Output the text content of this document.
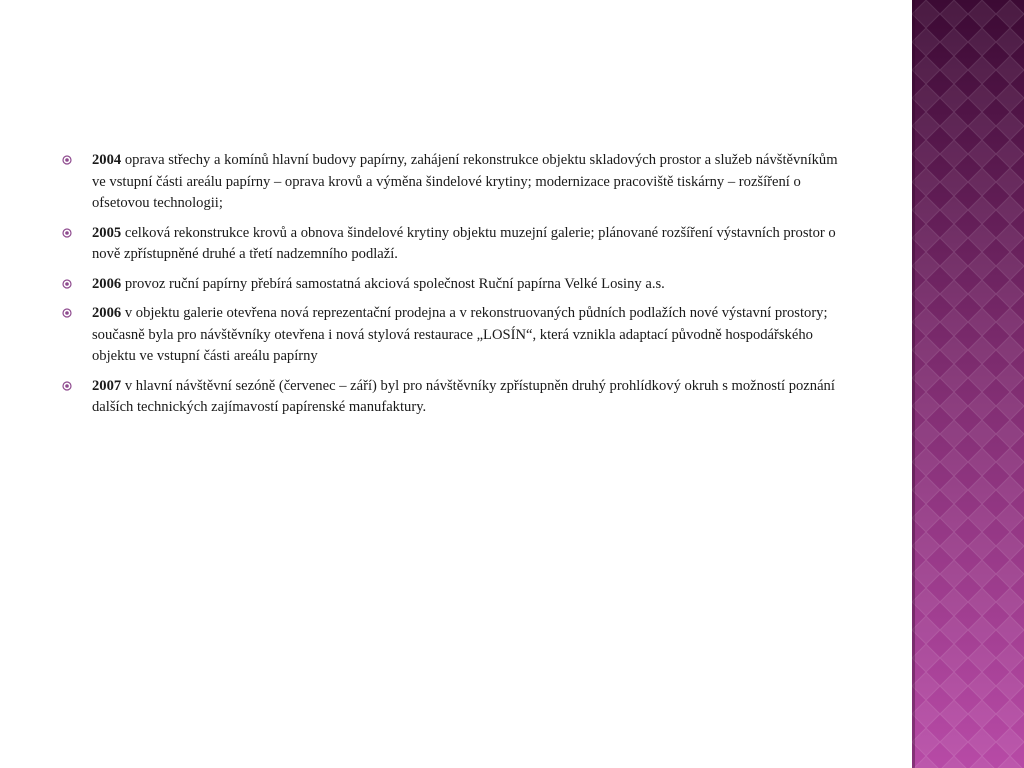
2004 oprava střechy a komínů hlavní budovy papírny, zahájení rekonstrukce objektu skladových prostor a služeb návštěvníkům ve vstupní části areálu papírny – oprava krovů a výměna šindelové krytiny; modernizace pracoviště tiskárny – rozšíření o ofsetovou technologii;
2005 celková rekonstrukce krovů a obnova šindelové krytiny objektu muzejní galerie; plánované rozšíření výstavních prostor o nově zpřístupněné druhé a třetí nadzemního podlaží.
2006 provoz ruční papírny přebírá samostatná akciová společnost Ruční papírna Velké Losiny a.s.
2006 v objektu galerie otevřena nová reprezentační prodejna a v rekonstruovaných půdních podlažích nové výstavní prostory; současně byla pro návštěvníky otevřena i nová stylová restaurace „LOSÍN“, která vznikla adaptací původně hospodářského objektu ve vstupní části areálu papírny
2007 v hlavní návštěvní sezóně (červenec – září) byl pro návštěvníky zpřístupněn druhý prohlídkový okruh s možností poznání dalších technických zajímavostí papírenské manufaktury.
